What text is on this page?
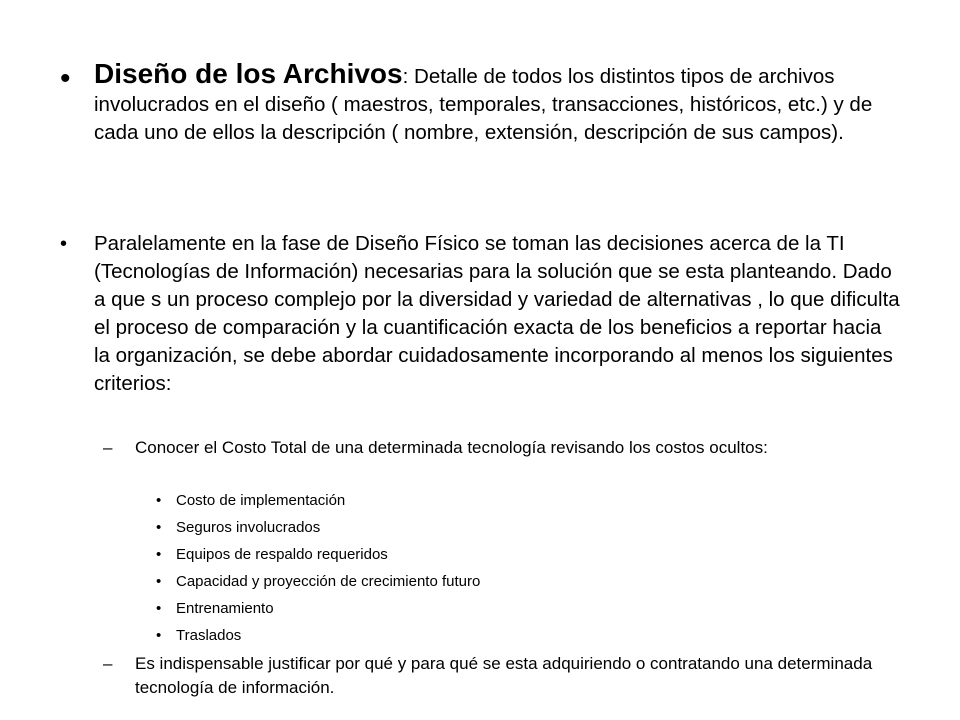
• Diseño de los Archivos: Detalle de todos los distintos tipos de archivos involucrados en el diseño ( maestros, temporales, transacciones, históricos, etc.) y de cada uno de ellos la descripción ( nombre, extensión, descripción de sus campos).
• Paralelamente en la fase de Diseño Físico se toman las decisiones acerca de la TI (Tecnologías de Información) necesarias para la solución que se esta planteando. Dado a que s un proceso complejo por la diversidad y variedad de alternativas , lo que dificulta el proceso de comparación y la cuantificación exacta de los beneficios a reportar hacia la organización, se debe abordar cuidadosamente incorporando al menos los siguientes criterios:
– Conocer el Costo Total de una determinada tecnología revisando los costos ocultos:
• Costo de implementación
• Seguros involucrados
• Equipos de respaldo requeridos
• Capacidad y proyección de crecimiento futuro
• Entrenamiento
• Traslados
– Es indispensable justificar por qué y para qué se esta adquiriendo o contratando una determinada tecnología de información.
